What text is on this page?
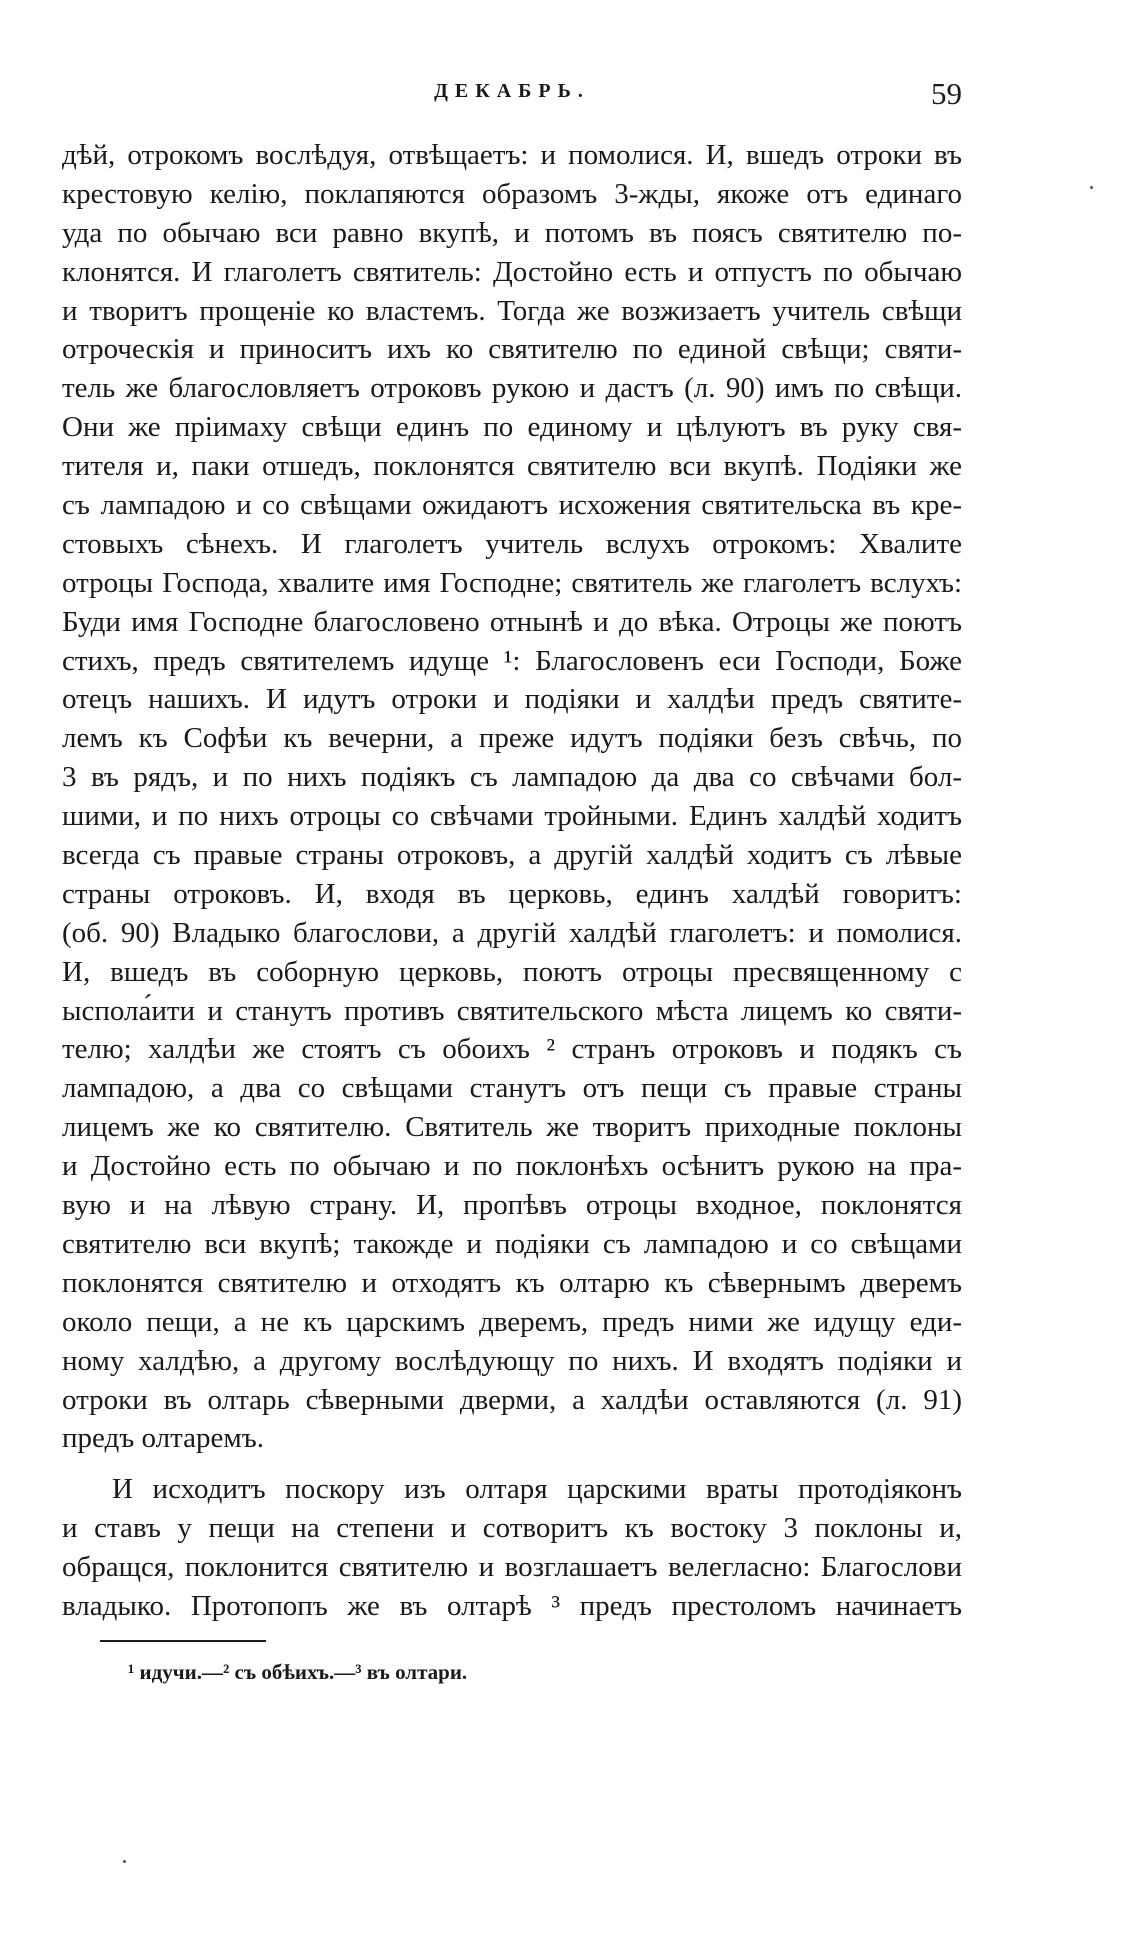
ДЕКАБРЬ.	59
дѣй, отрокомъ вослѣдуя, отвѣщаетъ: и помолися. И, вшедъ отроки въ
крестовую келію, поклапяются образомъ 3-жды, якоже отъ единаго
уда по обычаю вси равно вкупѣ, и потомъ въ поясъ святителю по-
клонятся. И глаголетъ святитель: Достойно есть и отпустъ по обычаю
и творитъ прощеніе ко властемъ. Тогда же возжизаетъ учитель свѣщи
отроческія и приноситъ ихъ ко святителю по единой свѣщи; святи-
тель же благословляетъ отроковъ рукою и дастъ (л. 90) имъ по свѣщи.
Они же пріимаху свѣщи единъ по единому и цѣлуютъ въ руку свя-
тителя и, паки отшедъ, поклонятся святителю вси вкупѣ. Подіяки же
съ лампадою и со свѣщами ожидаютъ исхожения святительска въ кре-
стовыхъ сѣнехъ. И глаголетъ учитель вслухъ отрокомъ: Хвалите
отроцы Господа, хвалите имя Господне; святитель же глаголетъ вслухъ:
Буди имя Господне благословено отнынѣ и до вѣка. Отроцы же поютъ
стихъ, предъ святителемъ идуще ¹: Благословенъ еси Господи, Боже
отецъ нашихъ. И идутъ отроки и подіяки и халдѣи предъ святите-
лемъ къ Софѣи къ вечерни, а преже идутъ подіяки безъ свѣчь, по
3 въ рядъ, и по нихъ подіякъ съ лампадою да два со свѣчами бол-
шими, и по нихъ отроцы со свѣчами тройными. Единъ халдѣй ходитъ
всегда съ правые страны отроковъ, а другій халдѣй ходитъ съ лѣвые
страны отроковъ. И, входя въ церковь, единъ халдѣй говоритъ:
(об. 90) Владыко благослови, а другій халдѣй глаголетъ: и помолися.
И, вшедъ въ соборную церковь, поютъ отроцы пресвященному с
ыспола́ити и станутъ противъ святительского мѣста лицемъ ко святи-
телю; халдѣи же стоятъ съ обоихъ ² странъ отроковъ и подякъ съ
лампадою, а два со свѣщами станутъ отъ пещи съ правые страны
лицемъ же ко святителю. Святитель же творитъ приходные поклоны
и Достойно есть по обычаю и по поклонѣхъ осѣнитъ рукою на пра-
вую и на лѣвую страну. И, пропѣвъ отроцы входное, поклонятся
святителю вси вкупѣ; такожде и подіяки съ лампадою и со свѣщами
поклонятся святителю и отходятъ къ олтарю къ сѣвернымъ дверемъ
около пещи, а не къ царскимъ дверемъ, предъ ними же идущу еди-
ному халдѣю, а другому вослѣдующу по нихъ. И входятъ подіяки и
отроки въ олтарь сѣверными дверми, а халдѣи оставляются (л. 91)
предъ олтаремъ.
И исходитъ поскору изъ олтаря царскими враты протодіяконъ
и ставъ у пещи на степени и сотворитъ къ востоку 3 поклоны и,
обращся, поклонится святителю и возглашаетъ велегласно: Благослови
владыко. Протопопъ же въ олтарѣ ³ предъ престоломъ начинаетъ
¹ идучи.—² съ обѣихъ.—³ въ олтари.
